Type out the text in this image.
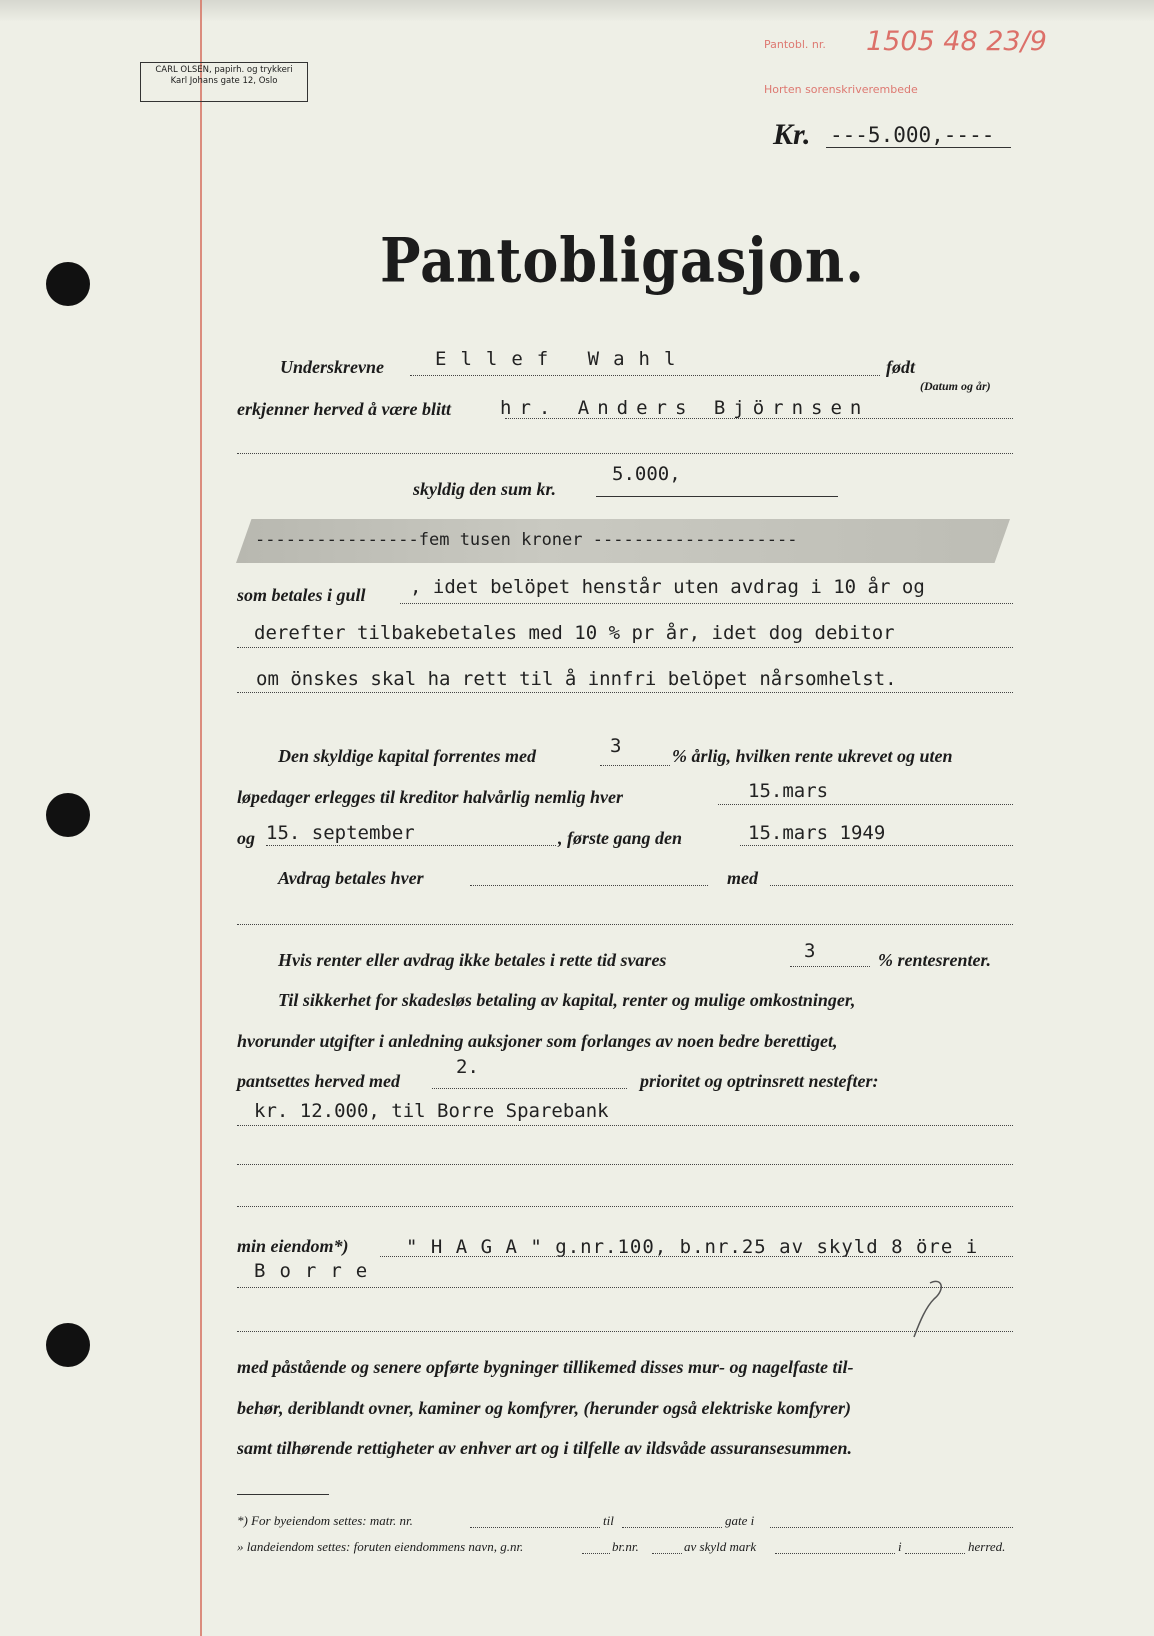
CARL OLSEN, papirh. og trykkeri
Karl Johans gate 12, Oslo
Pantobl. nr.
Horten sorenskriverembede
1505 48 23/9
Kr. ---5.000,----
Pantobligasjon.
Underskrevne	Ellef Wahl	født
(Datum og år)
erkjenner herved å være blitt	hr. Anders Björnsen
skyldig den sum kr.
5.000,
----------------fem tusen kroner --------------------
som betales i gull , idet belöpet henstår uten avdrag i 10 år og
derefter tilbakebetales med 10 % pr år, idet dog debitor
om önskes skal ha rett til å innfri belöpet nårsomhelst.
Den skyldige kapital forrentes med	3	% årlig, hvilken rente ukrevet og uten
løpedager erlegges til kreditor halvårlig nemlig hver	15.mars
og 15. september	, første gang den	15.mars 1949
Avdrag betales hver	med
Hvis renter eller avdrag ikke betales i rette tid svares	3	% rentesrenter.
Til sikkerhet for skadesløs betaling av kapital, renter og mulige omkostninger,
hvorunder utgifter i anledning auksjoner som forlanges av noen bedre berettiget,
pantsettes herved med
2.
prioritet og optrinsrett nestefter:
kr. 12.000, til Borre Sparebank
min eiendom*)	" H A G A " g.nr.100, b.nr.25 av skyld 8 öre i
Borre
med påstående og senere opførte bygninger tillikemed disses mur- og nagelfaste til-
behør, deriblandt ovner, kaminer og komfyrer, (herunder også elektriske komfyrer)
samt tilhørende rettigheter av enhver art og i tilfelle av ildsvåde assuransesummen.
*) For byeiendom settes: matr. nr.	til	gate i
» landeiendom settes: foruten eiendommens navn, g.nr.	br.nr.	av skyld mark	i	herred.
